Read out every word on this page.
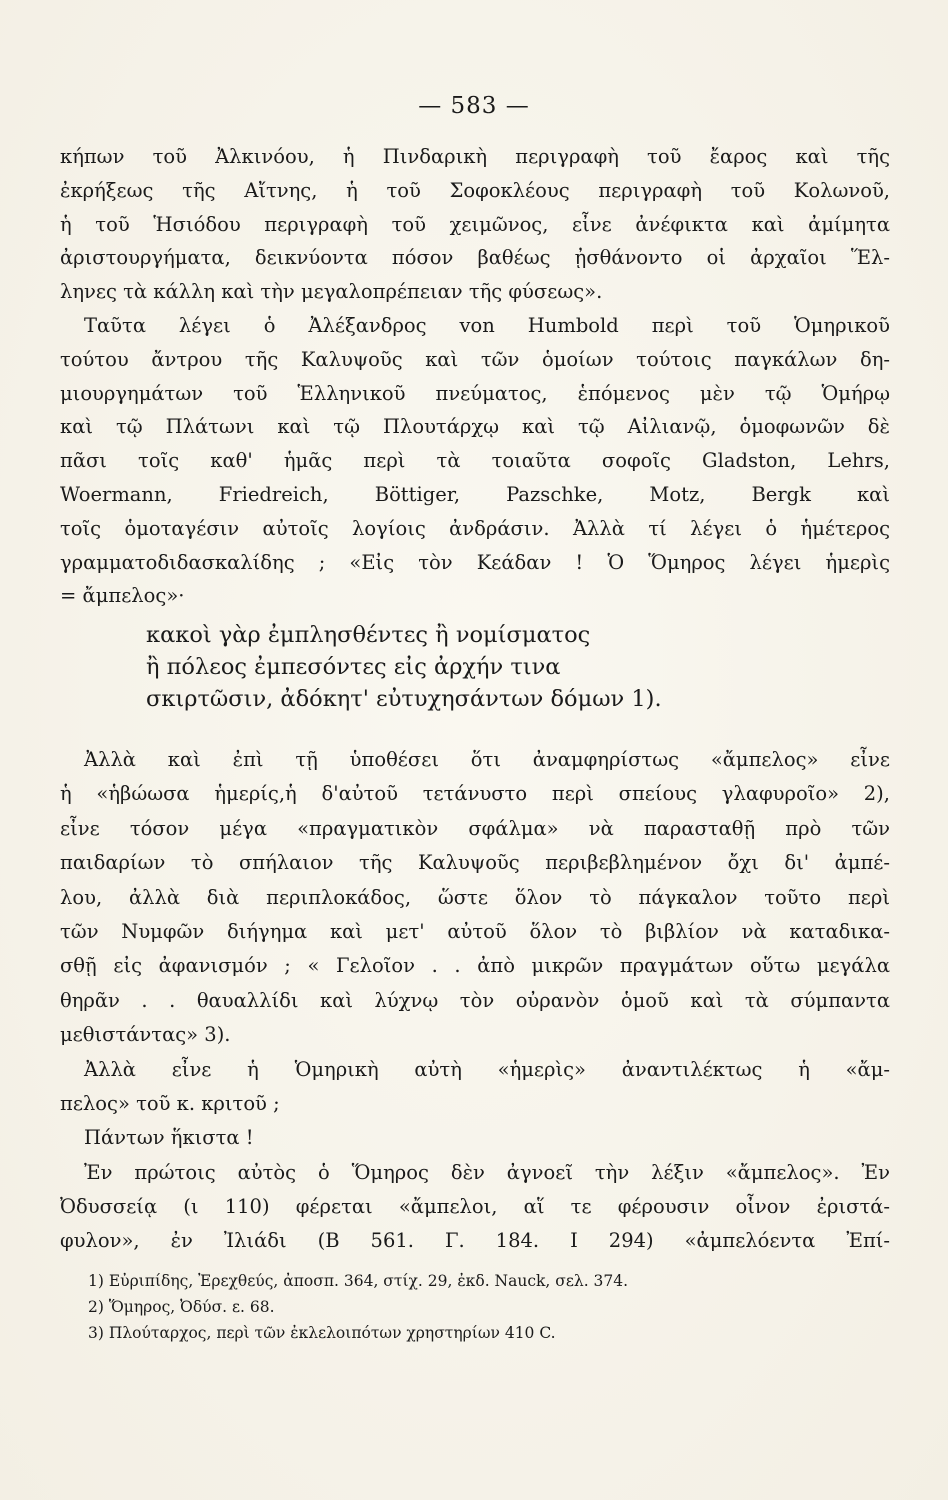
— 583 —
κήπων τοῦ Ἀλκινόου, ἡ Πινδαρικὴ περιγραφὴ τοῦ ἔαρος καὶ τῆς
ἐκρήξεως τῆς Αἴτνης, ἡ τοῦ Σοφοκλέους περιγραφὴ τοῦ Κολωνοῦ,
ἡ τοῦ Ἡσιόδου περιγραφὴ τοῦ χειμῶνος, εἶνε ἀνέφικτα καὶ ἀμίμητα
ἀριστουργήματα, δεικνύοντα πόσον βαθέως ᾐσθάνοντο οἱ ἀρχαῖοι Ἕλ-
ληνες τὰ κάλλη καὶ τὴν μεγαλοπρέπειαν τῆς φύσεως».
Ταῦτα λέγει ὁ Ἀλέξανδρος von Humbold περὶ τοῦ Ὁμηρικοῦ
τούτου ἄντρου τῆς Καλυψοῦς καὶ τῶν ὁμοίων τούτοις παγκάλων δη-
μιουργημάτων τοῦ Ἑλληνικοῦ πνεύματος, ἑπόμενος μὲν τῷ Ὁμήρῳ
καὶ τῷ Πλάτωνι καὶ τῷ Πλουτάρχῳ καὶ τῷ Αἰλιανῷ, ὁμοφωνῶν δὲ
πᾶσι τοῖς καθ' ἡμᾶς περὶ τὰ τοιαῦτα σοφοῖς Gladston, Lehrs,
Woermann, Friedreich, Böttiger, Pazschke, Motz, Bergk καὶ
τοῖς ὁμοταγέσιν αὐτοῖς λογίοις ἀνδράσιν. Ἀλλὰ τί λέγει ὁ ἡμέτερος
γραμματοδιδασκαλίδης ; «Εἰς τὸν Κεάδαν ! Ὁ Ὅμηρος λέγει ἡμερὶς
= ἄμπελος»·
κακοὶ γὰρ ἐμπλησθέντες ἢ νομίσματος
ἢ πόλεος ἐμπεσόντες εἰς ἀρχήν τινα
σκιρτῶσιν, ἀδόκητ' εὐτυχησάντων δόμων 1).
Ἀλλὰ καὶ ἐπὶ τῇ ὑποθέσει ὅτι ἀναμφηρίστως «ἄμπελος» εἶνε
ἡ «ἡβώωσα ἡμερίς,ἡ δ'αὐτοῦ τετάνυστο περὶ σπείους γλαφυροῖο» 2),
εἶνε τόσον μέγα «πραγματικὸν σφάλμα» νὰ παρασταθῇ πρὸ τῶν
παιδαρίων τὸ σπήλαιον τῆς Καλυψοῦς περιβεβλημένον ὄχι δι' ἀμπέ-
λου, ἀλλὰ διὰ περιπλοκάδος, ὥστε ὅλον τὸ πάγκαλον τοῦτο περὶ
τῶν Νυμφῶν διήγημα καὶ μετ' αὐτοῦ ὅλον τὸ βιβλίον νὰ καταδικα-
σθῇ εἰς ἀφανισμόν ; « Γελοῖον . . ἀπὸ μικρῶν πραγμάτων οὕτω μεγάλα
θηρᾶν . . θαυαλλίδι καὶ λύχνῳ τὸν οὐρανὸν ὁμοῦ καὶ τὰ σύμπαντα
μεθιστάντας» 3).
Ἀλλὰ εἶνε ἡ Ὁμηρικὴ αὐτὴ «ἡμερὶς» ἀναντιλέκτως ἡ «ἄμ-
πελος» τοῦ κ. κριτοῦ ;
Πάντων ἥκιστα !
Ἐν πρώτοις αὐτὸς ὁ Ὅμηρος δὲν ἀγνοεῖ τὴν λέξιν «ἄμπελος». Ἐν
Ὀδυσσείᾳ (ι 110) φέρεται «ἄμπελοι, αἵ τε φέρουσιν οἶνον ἐριστά-
φυλον», ἐν Ἰλιάδι (Β 561. Γ. 184. Ι 294) «ἀμπελόεντα Ἐπί-
1) Εὐριπίδης, Ἐρεχθεύς, ἀποσπ. 364, στίχ. 29, ἐκδ. Nauck, σελ. 374.
2) Ὅμηρος, Ὀδύσ. ε. 68.
3) Πλούταρχος, περὶ τῶν ἐκλελοιπότων χρηστηρίων 410 C.
